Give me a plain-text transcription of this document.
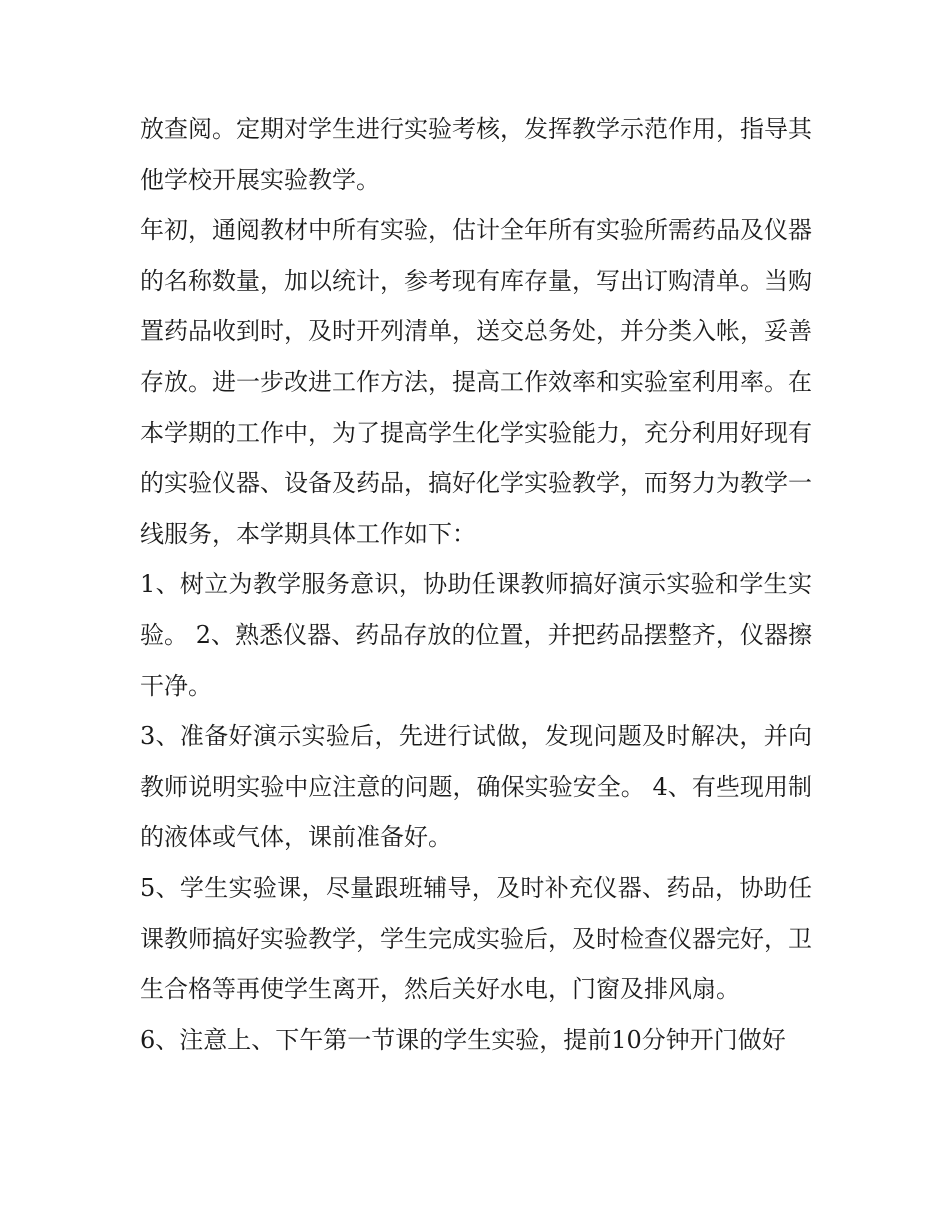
放查阅。定期对学生进行实验考核，发挥教学示范作用，指导其他学校开展实验教学。

年初，通阅教材中所有实验，估计全年所有实验所需药品及仪器的名称数量，加以统计，参考现有库存量，写出订购清单。当购置药品收到时，及时开列清单，送交总务处，并分类入帐，妥善存放。进一步改进工作方法，提高工作效率和实验室利用率。在本学期的工作中，为了提高学生化学实验能力，充分利用好现有的实验仪器、设备及药品，搞好化学实验教学，而努力为教学一线服务，本学期具体工作如下：

1、树立为教学服务意识，协助任课教师搞好演示实验和学生实验。 2、熟悉仪器、药品存放的位置，并把药品摆整齐，仪器擦干净。

3、准备好演示实验后，先进行试做，发现问题及时解决，并向教师说明实验中应注意的问题，确保实验安全。 4、有些现用制的液体或气体，课前准备好。

5、学生实验课，尽量跟班辅导，及时补充仪器、药品，协助任课教师搞好实验教学，学生完成实验后，及时检查仪器完好，卫生合格等再使学生离开，然后关好水电，门窗及排风扇。

6、注意上、下午第一节课的学生实验，提前10分钟开门做好
